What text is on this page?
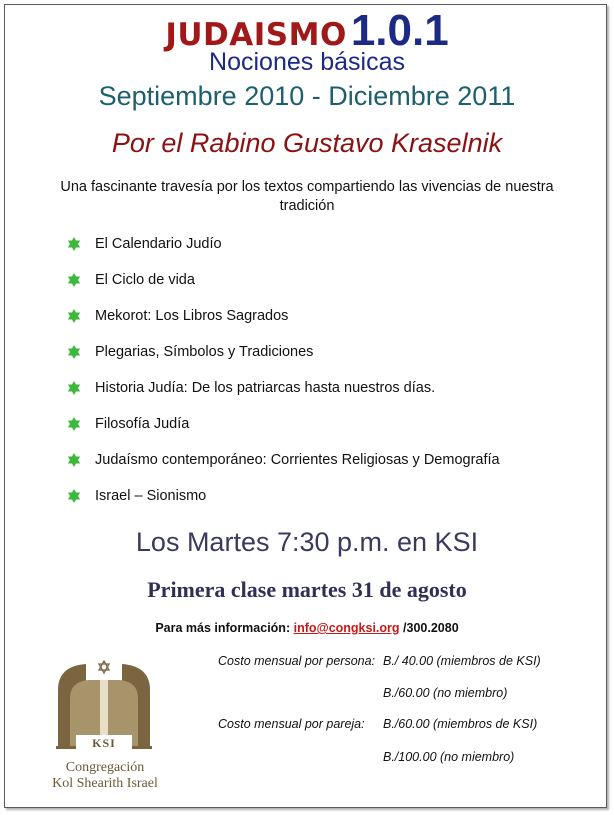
JUDAISMO 1.0.1
Nociones básicas
Septiembre 2010 - Diciembre 2011
Por el Rabino Gustavo Kraselnik
Una fascinante travesía por los textos compartiendo las vivencias de nuestra
tradición
El Calendario Judío
El Ciclo de vida
Mekorot: Los Libros Sagrados
Plegarias, Símbolos y Tradiciones
Historia Judía: De los patriarcas hasta nuestros días.
Filosofía Judía
Judaísmo contemporáneo: Corrientes Religiosas y Demografía
Israel – Sionismo
Los Martes 7:30 p.m. en KSI
Primera clase martes 31 de agosto
Para más información: info@congksi.org /300.2080
Costo mensual por persona: B./ 40.00 (miembros de KSI)
B./60.00 (no miembro)
Costo mensual por pareja: B./60.00 (miembros de KSI)
B./100.00 (no miembro)
KSI
Congregación
Kol Shearith Israel
